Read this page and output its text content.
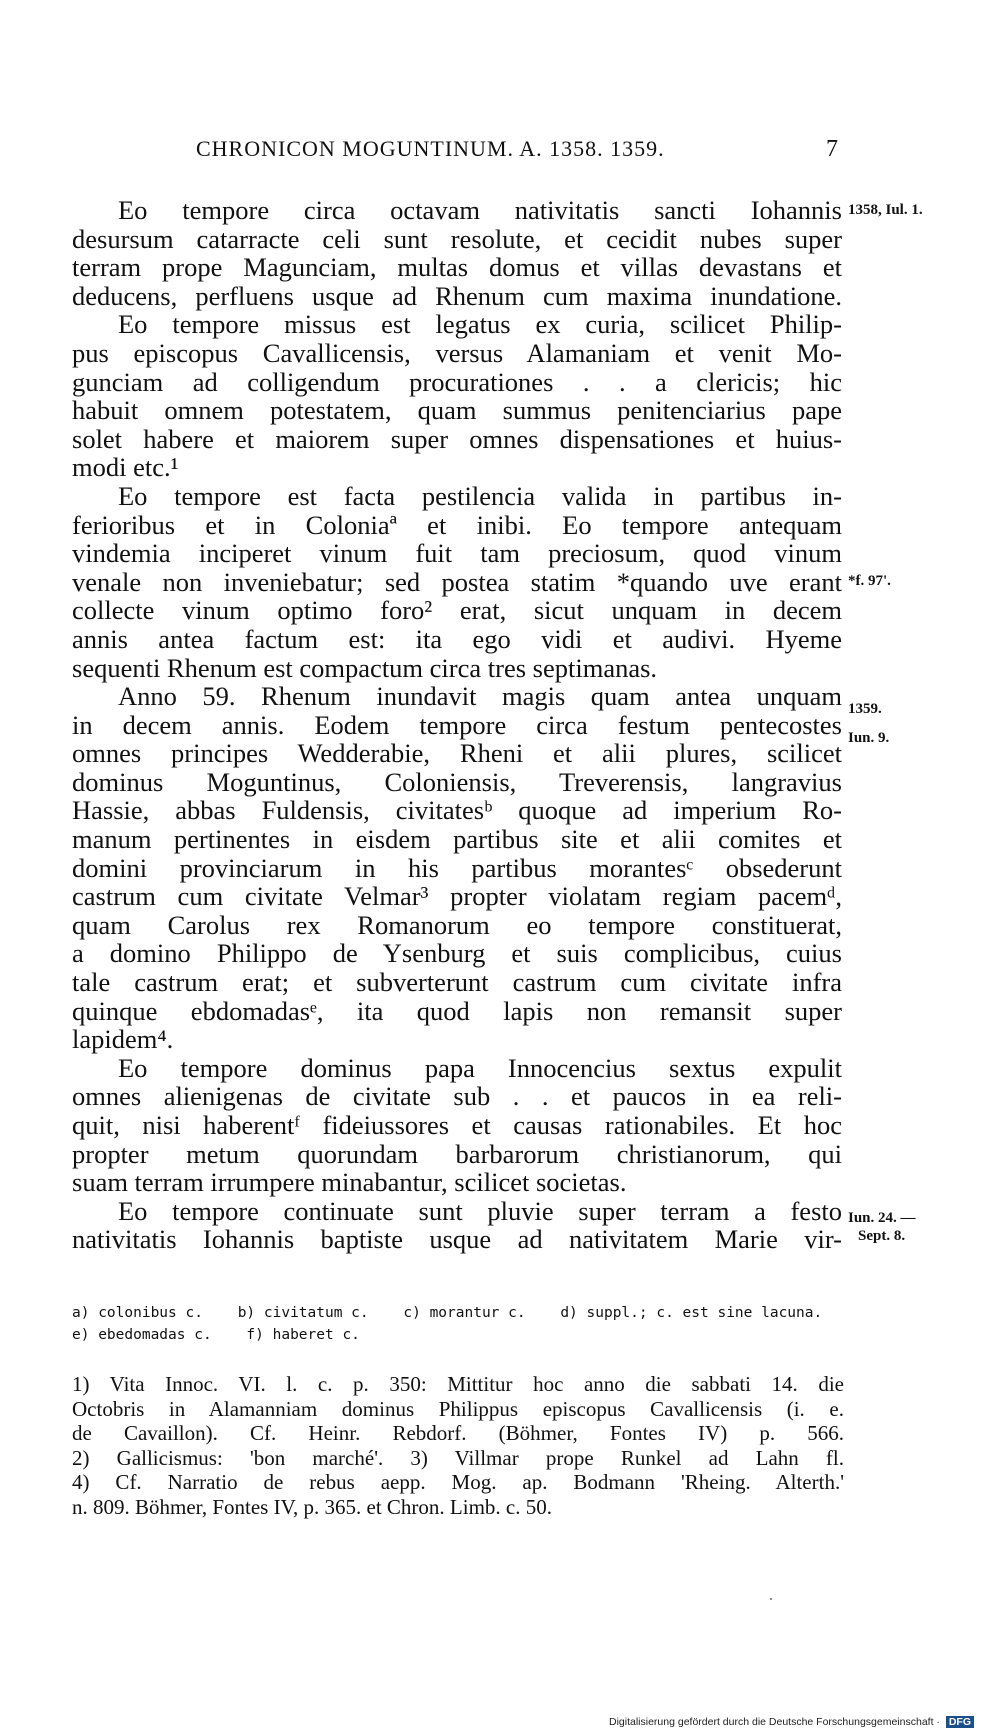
CHRONICON MOGUNTINUM. A. 1358. 1359.	7
Eo tempore circa octavam nativitatis sancti Iohannis
desursum catarracte celi sunt resolute, et cecidit nubes super
terram prope Magunciam, multas domus et villas devastans et
deducens, perfluens usque ad Rhenum cum maxima inundatione.
Eo tempore missus est legatus ex curia, scilicet Philip-
pus episcopus Cavallicensis, versus Alamaniam et venit Mo-
gunciam ad colligendum procurationes . . a clericis; hic
habuit omnem potestatem, quam summus penitenciarius pape
solet habere et maiorem super omnes dispensationes et huius-
modi etc.¹
Eo tempore est facta pestilencia valida in partibus in-
ferioribus et in Coloniaª et inibi. Eo tempore antequam
vindemia inciperet vinum fuit tam preciosum, quod vinum
venale non inveniebatur; sed postea statim *quando uve erant
collecte vinum optimo foro² erat, sicut unquam in decem
annis antea factum est: ita ego vidi et audivi. Hyeme
sequenti Rhenum est compactum circa tres septimanas.
Anno 59. Rhenum inundavit magis quam antea unquam
in decem annis. Eodem tempore circa festum pentecostes
omnes principes Wedderabie, Rheni et alii plures, scilicet
dominus Moguntinus, Coloniensis, Treverensis, langravius
Hassie, abbas Fuldensis, civitatesᵇ quoque ad imperium Ro-
manum pertinentes in eisdem partibus site et alii comites et
domini provinciarum in his partibus morantesᶜ obsederunt
castrum cum civitate Velmar³ propter violatam regiam pacemᵈ,
quam Carolus rex Romanorum eo tempore constituerat,
a domino Philippo de Ysenburg et suis complicibus, cuius
tale castrum erat; et subverterunt castrum cum civitate infra
quinque ebdomadasᵉ, ita quod lapis non remansit super
lapidem⁴.
Eo tempore dominus papa Innocencius sextus expulit
omnes alienigenas de civitate sub . . et paucos in ea reli-
quit, nisi haberentᶠ fideiussores et causas rationabiles. Et hoc
propter metum quorundam barbarorum christianorum, qui
suam terram irrumpere minabantur, scilicet societas.
Eo tempore continuate sunt pluvie super terram a festo
nativitatis Iohannis baptiste usque ad nativitatem Marie vir-
1358, Iul. 1.
*f. 97'.
1359.
Iun. 9.
Iun. 24. —
Sept. 8.
a) colonibus c. b) civitatum c. c) morantur c. d) suppl.; c. est sine lacuna.
e) ebedomadas c. f) haberet c.
1) Vita Innoc. VI. l. c. p. 350: Mittitur hoc anno die sabbati 14. die
Octobris in Alamanniam dominus Philippus episcopus Cavallicensis (i. e.
de Cavaillon). Cf. Heinr. Rebdorf. (Böhmer, Fontes IV) p. 566.
2) Gallicismus: 'bon marché'. 3) Villmar prope Runkel ad Lahn fl.
4) Cf. Narratio de rebus aepp. Mog. ap. Bodmann 'Rheing. Alterth.'
n. 809. Böhmer, Fontes IV, p. 365. et Chron. Limb. c. 50.
Digitalisierung gefördert durch die Deutsche Forschungsgemeinschaft · DFG
